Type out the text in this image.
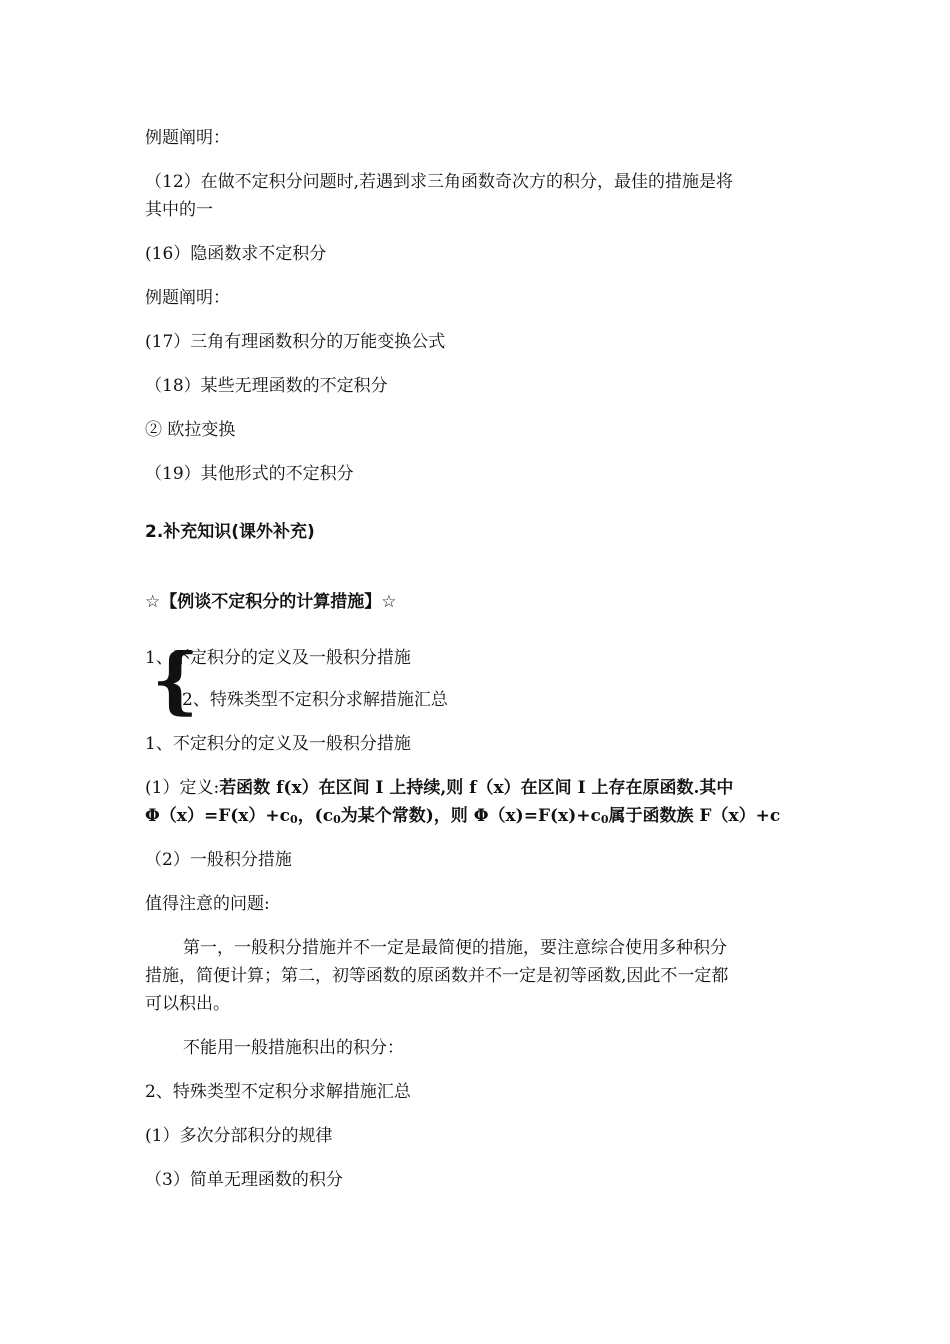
例题阐明：
（12）在做不定积分问题时,若遇到求三角函数奇次方的积分，最佳的措施是将
其中的一
(16）隐函数求不定积分
例题阐明：
(17）三角有理函数积分的万能变换公式
（18）某些无理函数的不定积分
② 欧拉变换
（19）其他形式的不定积分
2.补充知识(课外补充)
☆【例谈不定积分的计算措施】☆
1、不定积分的定义及一般积分措施
{
2、特殊类型不定积分求解措施汇总
1、不定积分的定义及一般积分措施
(1）定义:若函数 f(x）在区间 I 上持续,则 f（x）在区间 I 上存在原函数.其中
Φ（x）=F(x）+c0，(c0为某个常数)，则 Φ（x)=F(x)+c0属于函数族 F（x）+c
（2）一般积分措施
值得注意的问题:
第一，一般积分措施并不一定是最简便的措施，要注意综合使用多种积分
措施，简便计算；第二，初等函数的原函数并不一定是初等函数,因此不一定都
可以积出。
不能用一般措施积出的积分：
2、特殊类型不定积分求解措施汇总
(1）多次分部积分的规律
（3）简单无理函数的积分
